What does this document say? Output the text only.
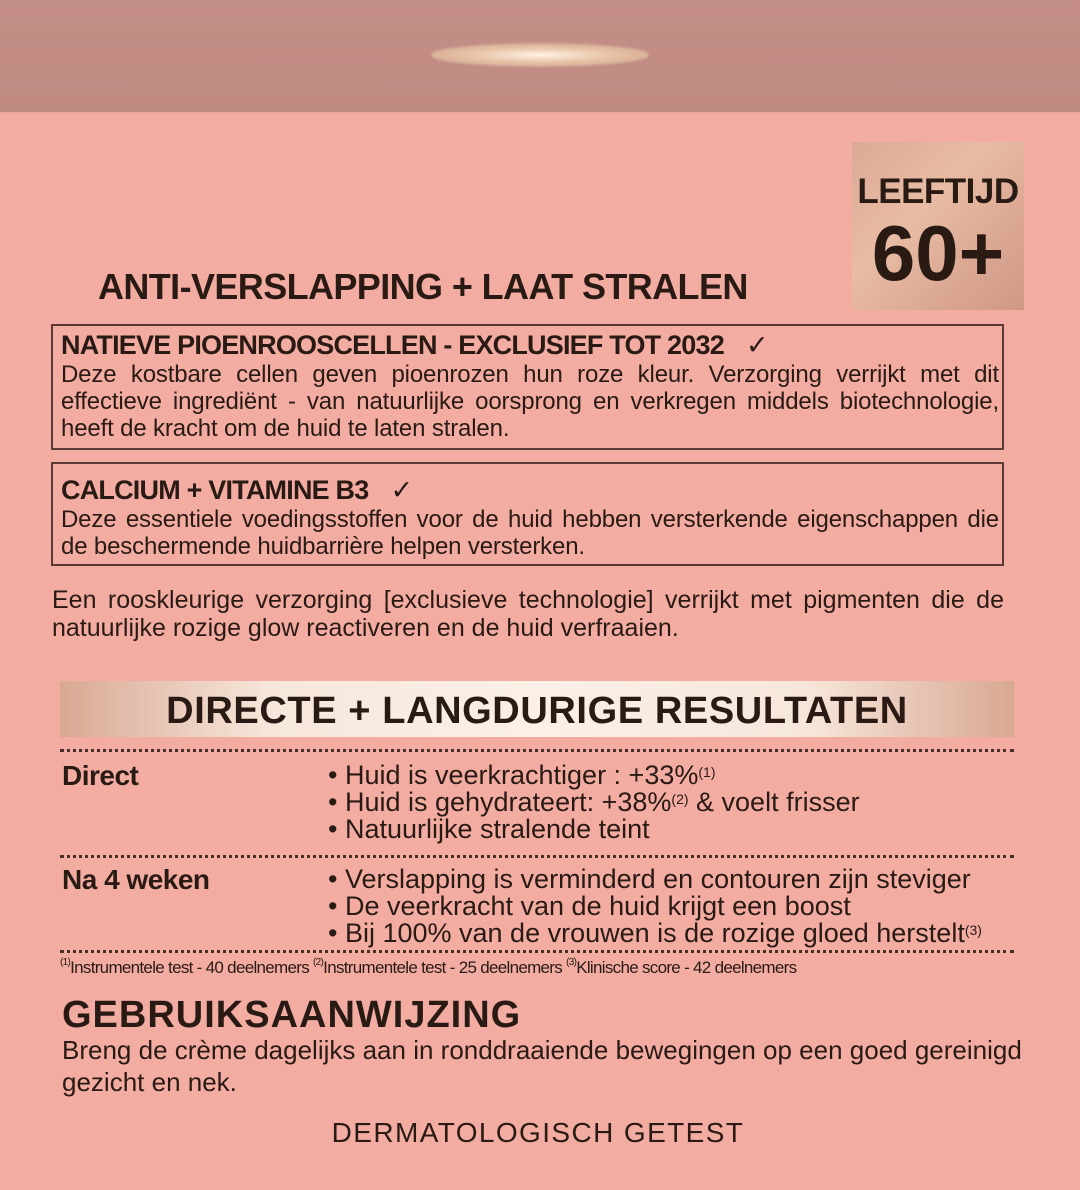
LEEFTIJD
60+
ANTI-VERSLAPPING + LAAT STRALEN
NATIEVE PIOENROOSCELLEN - EXCLUSIEF TOT 2032 ✓
Deze kostbare cellen geven pioenrozen hun roze kleur. Verzorging verrijkt met dit effectieve ingrediënt - van natuurlijke oorsprong en verkregen middels biotechnologie, heeft de kracht om de huid te laten stralen.
CALCIUM + VITAMINE B3 ✓
Deze essentiele voedingsstoffen voor de huid hebben versterkende eigenschappen die de beschermende huidbarrière helpen versterken.
Een rooskleurige verzorging [exclusieve technologie] verrijkt met pigmenten die de natuurlijke rozige glow reactiveren en de huid verfraaien.
DIRECTE + LANGDURIGE RESULTATEN
Direct	• Huid is veerkrachtiger : +33%$^{(1)}$
• Huid is gehydrateert: +38%$^{(2)}$ & voelt frisser
• Natuurlijke stralende teint
Na 4 weken	• Verslapping is verminderd en contouren zijn steviger
• De veerkracht van de huid krijgt een boost
• Bij 100% van de vrouwen is de rozige gloed herstelt$^{(3)}$
$^{(1)}$Instrumentele test - 40 deelnemers $^{(2)}$Instrumentele test - 25 deelnemers $^{(3)}$Klinische score - 42 deelnemers
GEBRUIKSAANWIJZING
Breng de crème dagelijks aan in ronddraaiende bewegingen op een goed gereinigd gezicht en nek.
DERMATOLOGISCH GETEST
